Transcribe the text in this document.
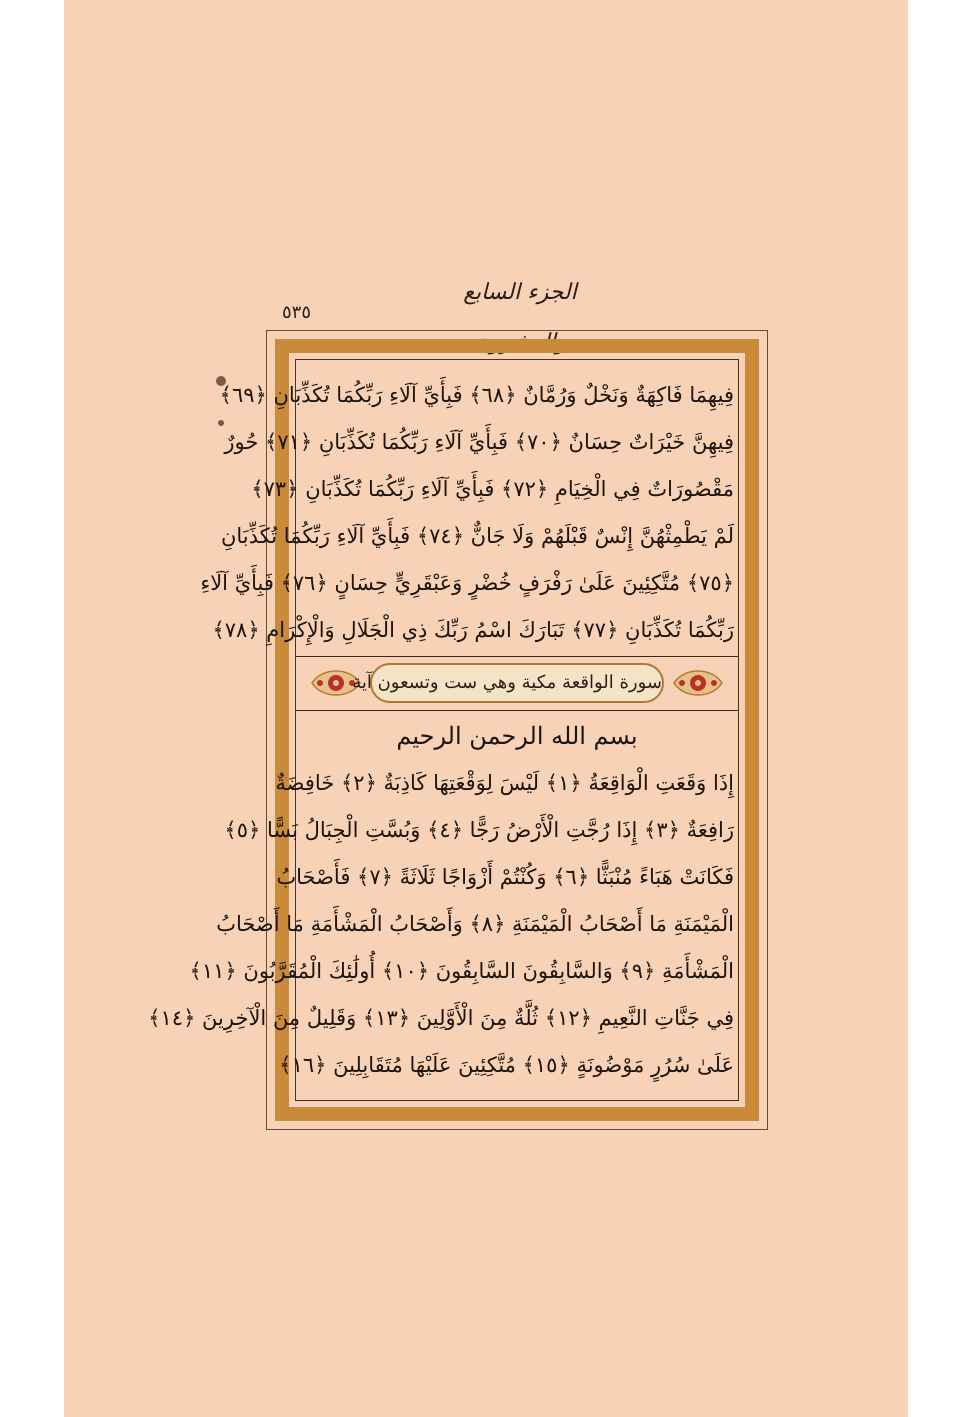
الجزء السابع والعشرون
٥٣٥
فِيهِمَا فَاكِهَةٌ وَنَخْلٌ وَرُمَّانٌ ﴿٦٨﴾ فَبِأَيِّ آلَاءِ رَبِّكُمَا تُكَذِّبَانِ ﴿٦٩﴾
فِيهِنَّ خَيْرَاتٌ حِسَانٌ ﴿٧٠﴾ فَبِأَيِّ آلَاءِ رَبِّكُمَا تُكَذِّبَانِ ﴿٧١﴾ حُورٌ
مَقْصُورَاتٌ فِي الْخِيَامِ ﴿٧٢﴾ فَبِأَيِّ آلَاءِ رَبِّكُمَا تُكَذِّبَانِ ﴿٧٣﴾
لَمْ يَطْمِثْهُنَّ إِنْسٌ قَبْلَهُمْ وَلَا جَانٌّ ﴿٧٤﴾ فَبِأَيِّ آلَاءِ رَبِّكُمَا تُكَذِّبَانِ
﴿٧٥﴾ مُتَّكِئِينَ عَلَىٰ رَفْرَفٍ خُضْرٍ وَعَبْقَرِيٍّ حِسَانٍ ﴿٧٦﴾ فَبِأَيِّ آلَاءِ
رَبِّكُمَا تُكَذِّبَانِ ﴿٧٧﴾ تَبَارَكَ اسْمُ رَبِّكَ ذِي الْجَلَالِ وَالْإِكْرَامِ ﴿٧٨﴾
سورة الواقعة مكية وهي ست وتسعون آية
بسم الله الرحمن الرحيم
إِذَا وَقَعَتِ الْوَاقِعَةُ ﴿١﴾ لَيْسَ لِوَقْعَتِهَا كَاذِبَةٌ ﴿٢﴾ خَافِضَةٌ
رَافِعَةٌ ﴿٣﴾ إِذَا رُجَّتِ الْأَرْضُ رَجًّا ﴿٤﴾ وَبُسَّتِ الْجِبَالُ بَسًّا ﴿٥﴾
فَكَانَتْ هَبَاءً مُنْبَثًّا ﴿٦﴾ وَكُنْتُمْ أَزْوَاجًا ثَلَاثَةً ﴿٧﴾ فَأَصْحَابُ
الْمَيْمَنَةِ مَا أَصْحَابُ الْمَيْمَنَةِ ﴿٨﴾ وَأَصْحَابُ الْمَشْأَمَةِ مَا أَصْحَابُ
الْمَشْأَمَةِ ﴿٩﴾ وَالسَّابِقُونَ السَّابِقُونَ ﴿١٠﴾ أُولَٰئِكَ الْمُقَرَّبُونَ ﴿١١﴾
فِي جَنَّاتِ النَّعِيمِ ﴿١٢﴾ ثُلَّةٌ مِنَ الْأَوَّلِينَ ﴿١٣﴾ وَقَلِيلٌ مِنَ الْآخِرِينَ ﴿١٤﴾
عَلَىٰ سُرُرٍ مَوْضُونَةٍ ﴿١٥﴾ مُتَّكِئِينَ عَلَيْهَا مُتَقَابِلِينَ ﴿١٦﴾
